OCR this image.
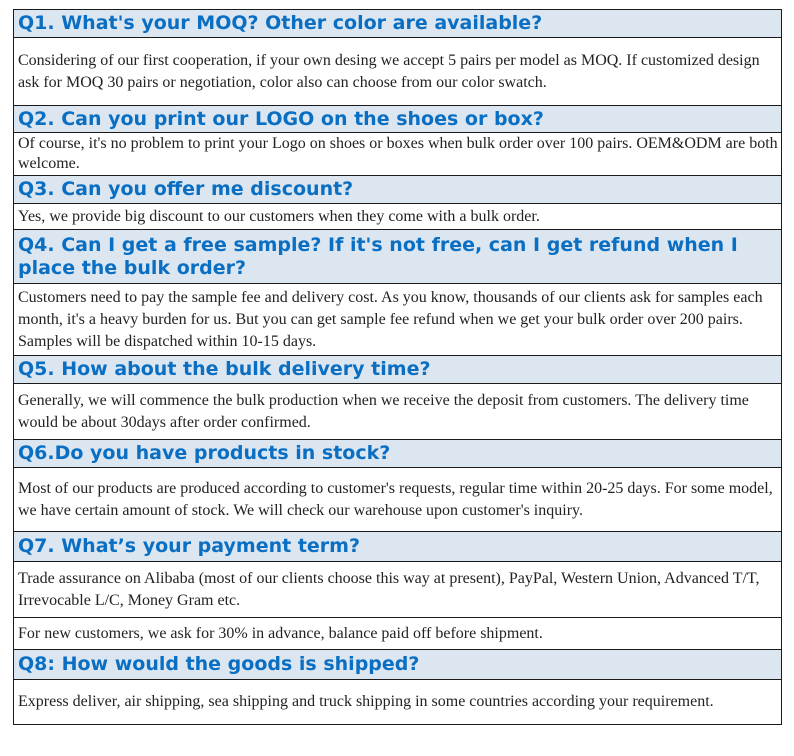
Q1. What's your MOQ? Other color are available?
Considering of our first cooperation, if your own desing we accept 5 pairs per model as MOQ. If customized design ask for MOQ 30 pairs or negotiation, color also can choose from our color swatch.
Q2. Can you print our LOGO on the shoes or box?
Of course, it's no problem to print your Logo on shoes or boxes when bulk order over 100 pairs. OEM&ODM are both welcome.
Q3. Can you offer me discount?
Yes, we provide big discount to our customers when they come with a bulk order.
Q4. Can I get a free sample? If it's not free, can I get refund when I place the bulk order?
Customers need to pay the sample fee and delivery cost. As you know, thousands of our clients ask for samples each month, it's a heavy burden for us. But you can get sample fee refund when we get your bulk order over 200 pairs. Samples will be dispatched within 10-15 days.
Q5. How about the bulk delivery time?
Generally, we will commence the bulk production when we receive the deposit from customers. The delivery time would be about 30days after order confirmed.
Q6.Do you have products in stock?
Most of our products are produced according to customer's requests, regular time within 20-25 days. For some model, we have certain amount of stock. We will check our warehouse upon customer's inquiry.
Q7. What’s your payment term?
Trade assurance on Alibaba (most of our clients choose this way at present), PayPal, Western Union, Advanced T/T, Irrevocable L/C, Money Gram etc.
For new customers, we ask for 30% in advance, balance paid off before shipment.
Q8: How would the goods is shipped?
Express deliver, air shipping, sea shipping and truck shipping in some countries according your requirement.
